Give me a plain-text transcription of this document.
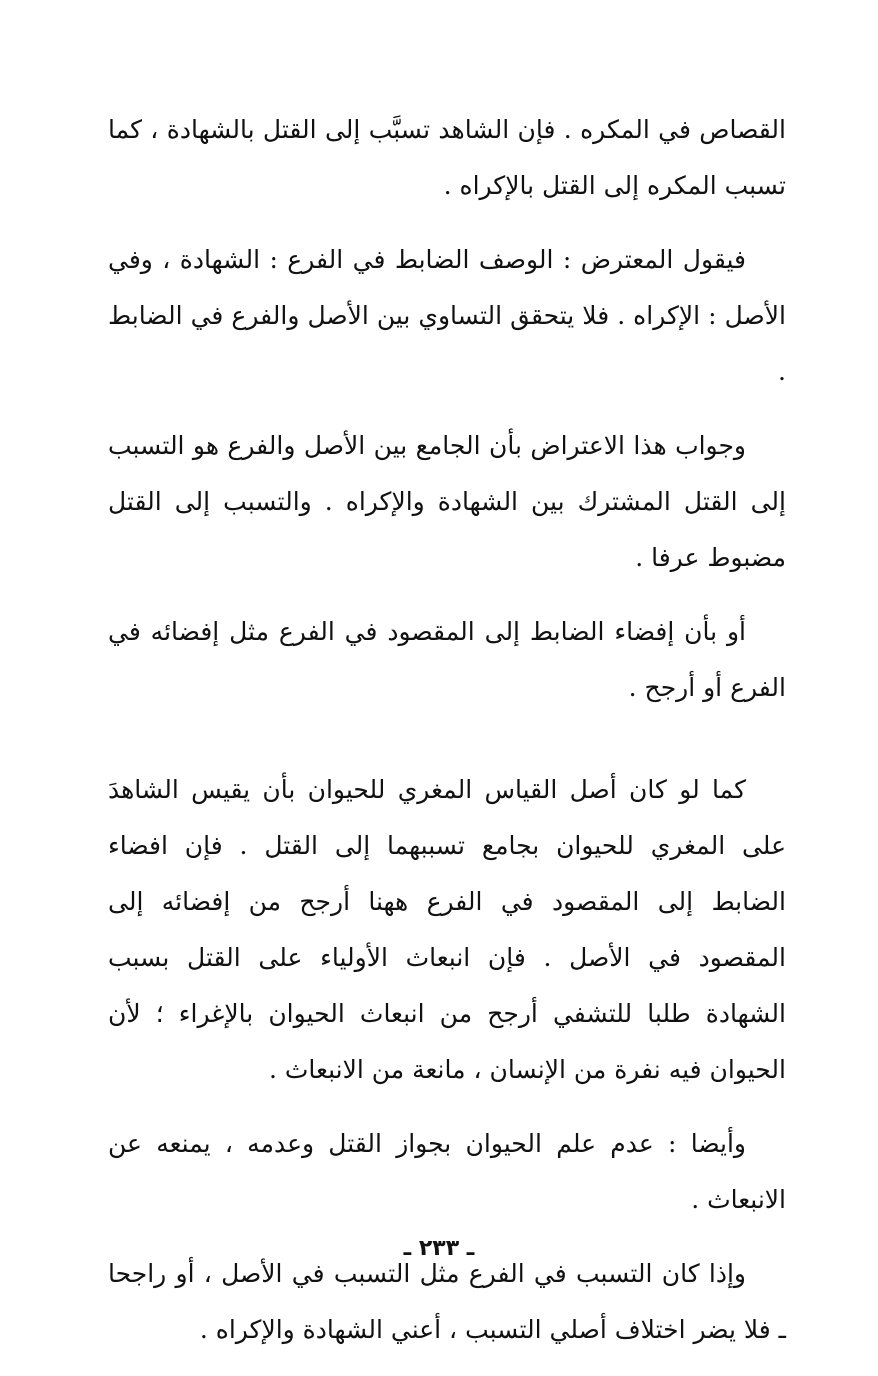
القصاص في المكره . فإن الشاهد تسبَّب إلى القتل بالشهادة ، كما تسبب المكره إلى القتل بالإكراه .

فيقول المعترض : الوصف الضابط في الفرع : الشهادة ، وفي الأصل : الإكراه . فلا يتحقق التساوي بين الأصل والفرع في الضابط .

وجواب هذا الاعتراض بأن الجامع بين الأصل والفرع هو التسبب إلى القتل المشترك بين الشهادة والإكراه . والتسبب إلى القتل مضبوط عرفا .

أو بأن إفضاء الضابط إلى المقصود في الفرع مثل إفضائه في الفرع أو أرجح .

كما لو كان أصل القياس المغري للحيوان بأن يقيس الشاهدَ على المغري للحيوان بجامع تسببهما إلى القتل . فإن افضاء الضابط إلى المقصود في الفرع ههنا أرجح من إفضائه إلى المقصود في الأصل . فإن انبعاث الأولياء على القتل بسبب الشهادة طلبا للتشفي أرجح من انبعاث الحيوان بالإغراء ؛ لأن الحيوان فيه نفرة من الإنسان ، مانعة من الانبعاث .

وأيضا : عدم علم الحيوان بجواز القتل وعدمه ، يمنعه عن الانبعاث .

وإذا كان التسبب في الفرع مثل التسبب في الأصل ، أو راجحا ـ فلا يضر اختلاف أصلي التسبب ، أعني الشهادة والإكراه .

ـ ٢٣٣ ـ
